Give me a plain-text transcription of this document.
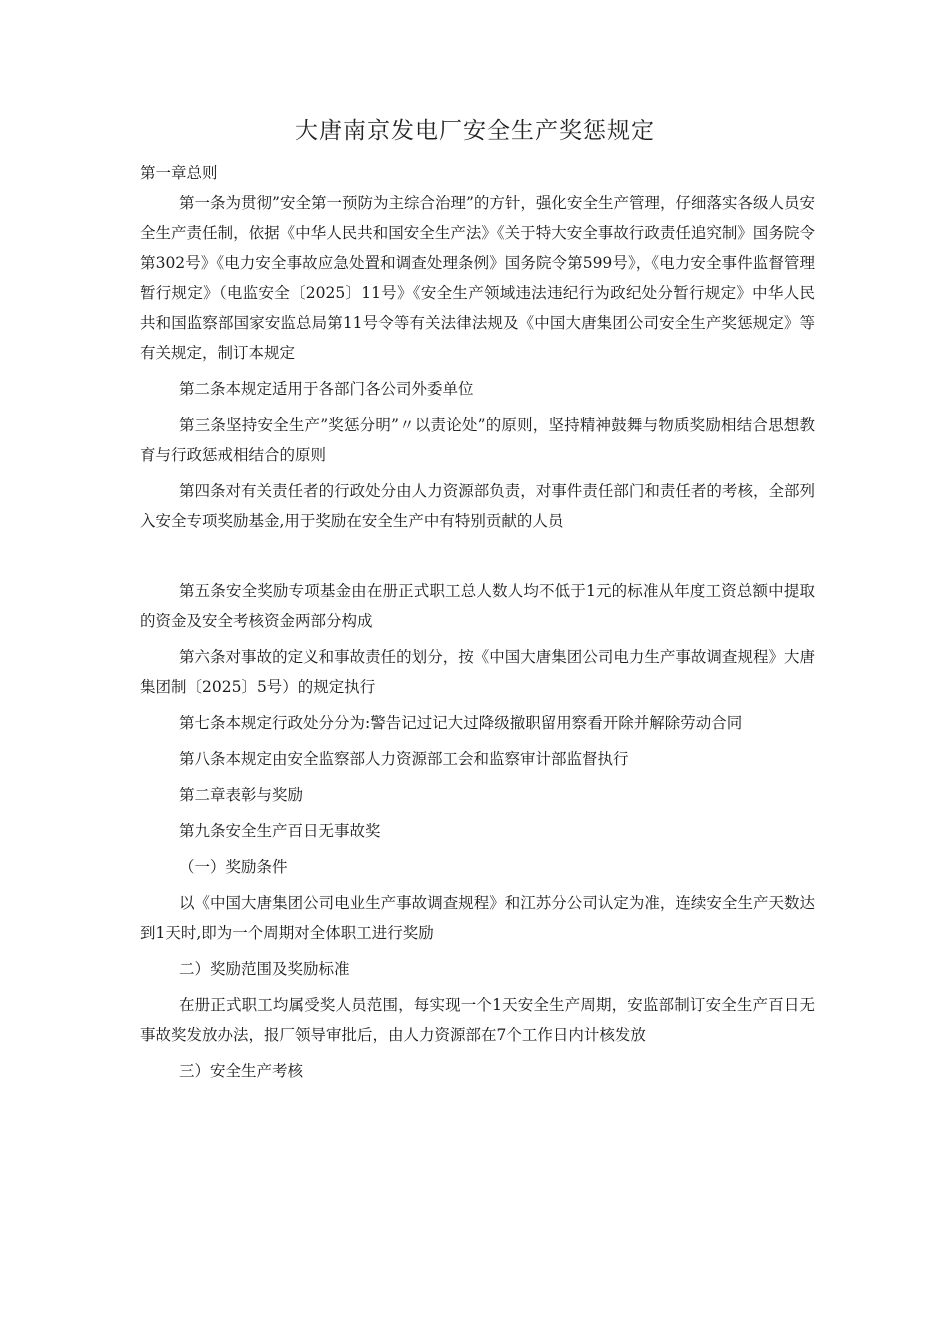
大唐南京发电厂安全生产奖惩规定

第一章总则

第一条为贯彻”安全第一预防为主综合治理”的方针，强化安全生产管理，仔细落实各级人员安全生产责任制，依据《中华人民共和国安全生产法》《关于特大安全事故行政责任追究制》国务院令第302号》《电力安全事故应急处置和调查处理条例》国务院令第599号》，《电力安全事件监督管理暂行规定》（电监安全〔2025〕11号》《安全生产领域违法违纪行为政纪处分暂行规定》中华人民共和国监察部国家安监总局第11号令等有关法律法规及《中国大唐集团公司安全生产奖惩规定》等有关规定，制订本规定

第二条本规定适用于各部门各公司外委单位

第三条坚持安全生产”奖惩分明”〃以责论处”的原则，坚持精神鼓舞与物质奖励相结合思想教育与行政惩戒相结合的原则

第四条对有关责任者的行政处分由人力资源部负责，对事件责任部门和责任者的考核，全部列入安全专项奖励基金,用于奖励在安全生产中有特别贡献的人员

第五条安全奖励专项基金由在册正式职工总人数人均不低于1元的标准从年度工资总额中提取的资金及安全考核资金两部分构成

第六条对事故的定义和事故责任的划分，按《中国大唐集团公司电力生产事故调查规程》大唐集团制〔2025〕5号）的规定执行

第七条本规定行政处分分为:警告记过记大过降级撤职留用察看开除并解除劳动合同

第八条本规定由安全监察部人力资源部工会和监察审计部监督执行

第二章表彰与奖励

第九条安全生产百日无事故奖

（一）奖励条件

以《中国大唐集团公司电业生产事故调查规程》和江苏分公司认定为准，连续安全生产天数达到1天时,即为一个周期对全体职工进行奖励

二）奖励范围及奖励标准

在册正式职工均属受奖人员范围，每实现一个1天安全生产周期，安监部制订安全生产百日无事故奖发放办法，报厂领导审批后，由人力资源部在7个工作日内计核发放

三）安全生产考核
